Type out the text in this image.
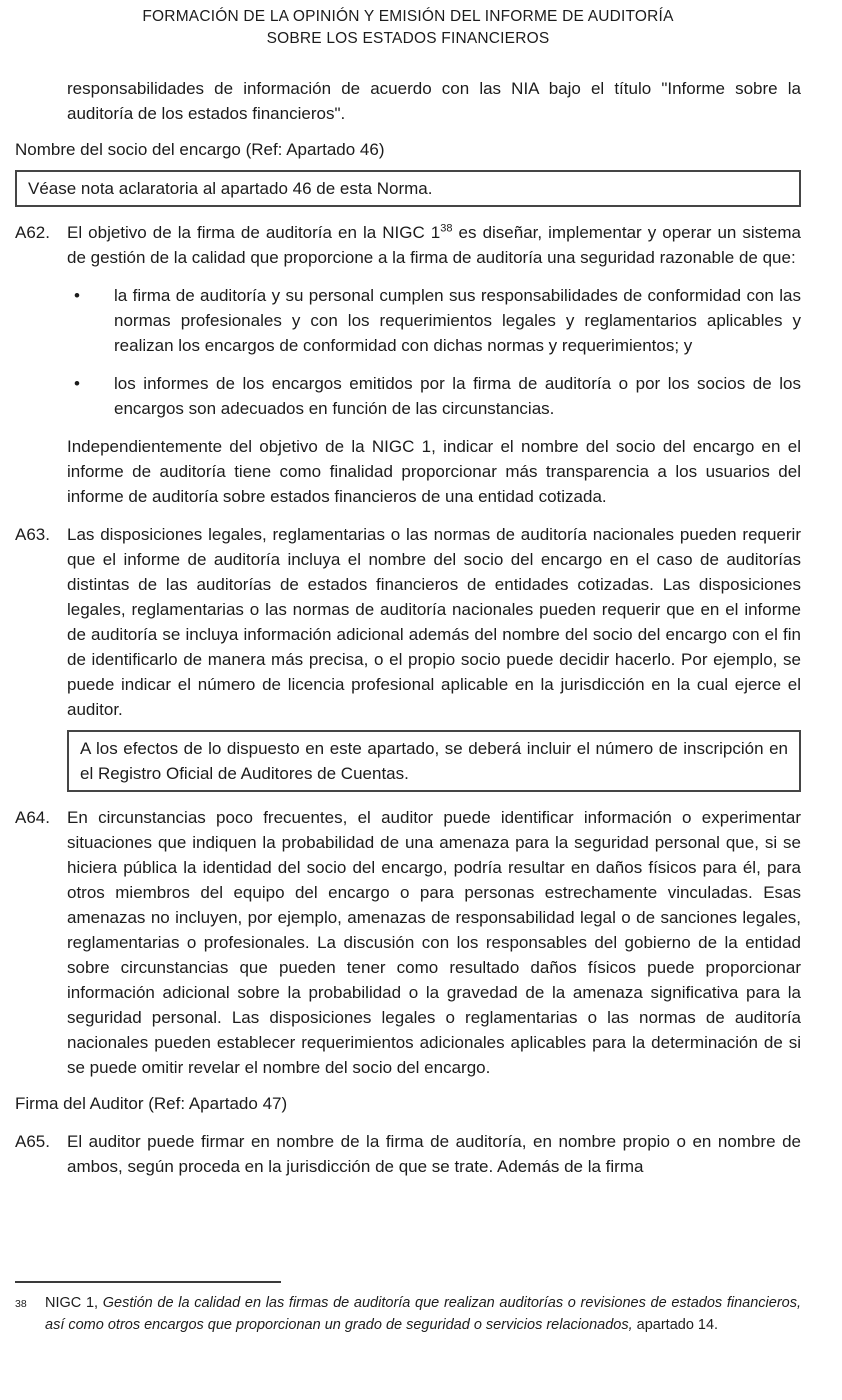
FORMACIÓN DE LA OPINIÓN Y EMISIÓN DEL INFORME DE AUDITORÍA
SOBRE LOS ESTADOS FINANCIEROS

responsabilidades de información de acuerdo con las NIA bajo el título "Informe sobre la auditoría de los estados financieros".

Nombre del socio del encargo (Ref: Apartado 46)
Véase nota aclaratoria al apartado 46 de esta Norma.
A62.	El objetivo de la firma de auditoría en la NIGC 1$^{38}$ es diseñar, implementar y operar un sistema de gestión de la calidad que proporcione a la firma de auditoría una seguridad razonable de que:
•	la firma de auditoría y su personal cumplen sus responsabilidades de conformidad con las normas profesionales y con los requerimientos legales y reglamentarios aplicables y realizan los encargos de conformidad con dichas normas y requerimientos; y
•	los informes de los encargos emitidos por la firma de auditoría o por los socios de los encargos son adecuados en función de las circunstancias.

Independientemente del objetivo de la NIGC 1, indicar el nombre del socio del encargo en el informe de auditoría tiene como finalidad proporcionar más transparencia a los usuarios del informe de auditoría sobre estados financieros de una entidad cotizada.

A63.	Las disposiciones legales, reglamentarias o las normas de auditoría nacionales pueden requerir que el informe de auditoría incluya el nombre del socio del encargo en el caso de auditorías distintas de las auditorías de estados financieros de entidades cotizadas. Las disposiciones legales, reglamentarias o las normas de auditoría nacionales pueden requerir que en el informe de auditoría se incluya información adicional además del nombre del socio del encargo con el fin de identificarlo de manera más precisa, o el propio socio puede decidir hacerlo. Por ejemplo, se puede indicar el número de licencia profesional aplicable en la jurisdicción en la cual ejerce el auditor.
A los efectos de lo dispuesto en este apartado, se deberá incluir el número de inscripción en el Registro Oficial de Auditores de Cuentas.
A64.	En circunstancias poco frecuentes, el auditor puede identificar información o experimentar situaciones que indiquen la probabilidad de una amenaza para la seguridad personal que, si se hiciera pública la identidad del socio del encargo, podría resultar en daños físicos para él, para otros miembros del equipo del encargo o para personas estrechamente vinculadas. Esas amenazas no incluyen, por ejemplo, amenazas de responsabilidad legal o de sanciones legales, reglamentarias o profesionales. La discusión con los responsables del gobierno de la entidad sobre circunstancias que pueden tener como resultado daños físicos puede proporcionar información adicional sobre la probabilidad o la gravedad de la amenaza significativa para la seguridad personal. Las disposiciones legales o reglamentarias o las normas de auditoría nacionales pueden establecer requerimientos adicionales aplicables para la determinación de si se puede omitir revelar el nombre del socio del encargo.
Firma del Auditor (Ref: Apartado 47)
A65.	El auditor puede firmar en nombre de la firma de auditoría, en nombre propio o en nombre de ambos, según proceda en la jurisdicción de que se trate. Además de la firma
38	NIGC 1, Gestión de la calidad en las firmas de auditoría que realizan auditorías o revisiones de estados financieros, así como otros encargos que proporcionan un grado de seguridad o servicios relacionados, apartado 14.
